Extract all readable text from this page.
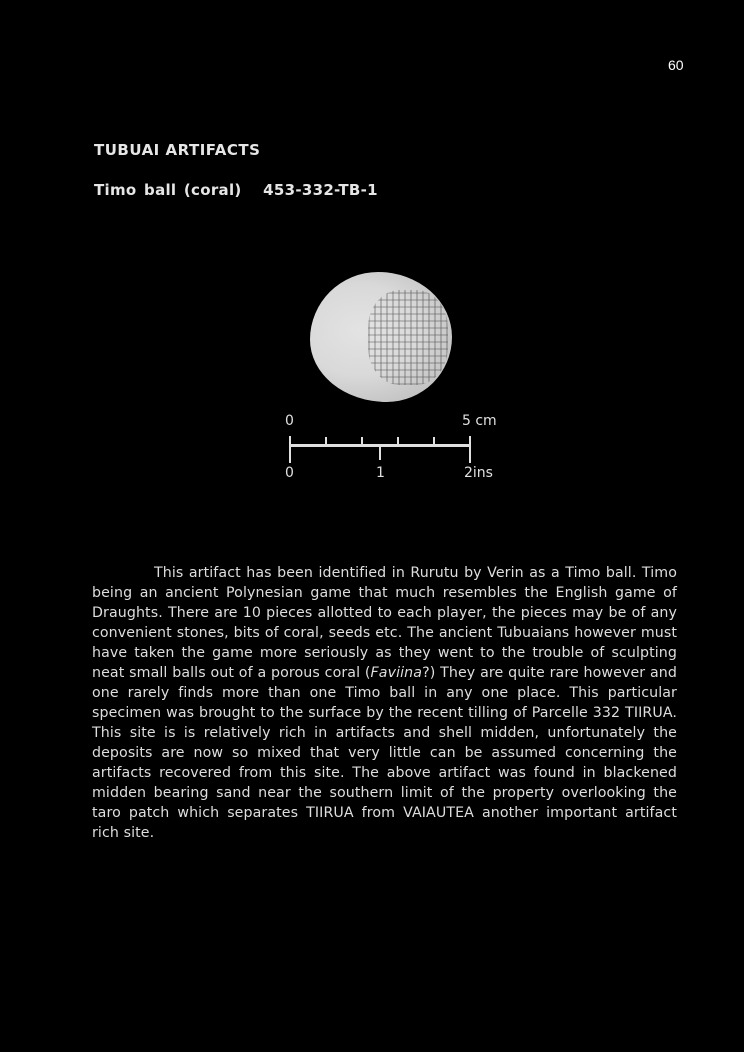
60
TUBUAI ARTIFACTS
Timo ball (coral) 453-332-TB-1
0	5 cm
0	1	2ins

This artifact has been identified in Rurutu by Verin as a Timo ball. Timo being an ancient Polynesian game that much resembles the English game of Draughts. There are 10 pieces allotted to each player, the pieces may be of any convenient stones, bits of coral, seeds etc. The ancient Tubuaians however must have taken the game more seriously as they went to the trouble of sculpting neat small balls out of a porous coral (Faviina?) They are quite rare however and one rarely finds more than one Timo ball in any one place. This particular specimen was brought to the surface by the recent tilling of Parcelle 332 TIIRUA. This site is is relatively rich in artifacts and shell midden, unfortunately the deposits are now so mixed that very little can be assumed concerning the artifacts recovered from this site. The above artifact was found in blackened midden bearing sand near the southern limit of the property overlooking the taro patch which separates TIIRUA from VAIAUTEA another important artifact rich site.
